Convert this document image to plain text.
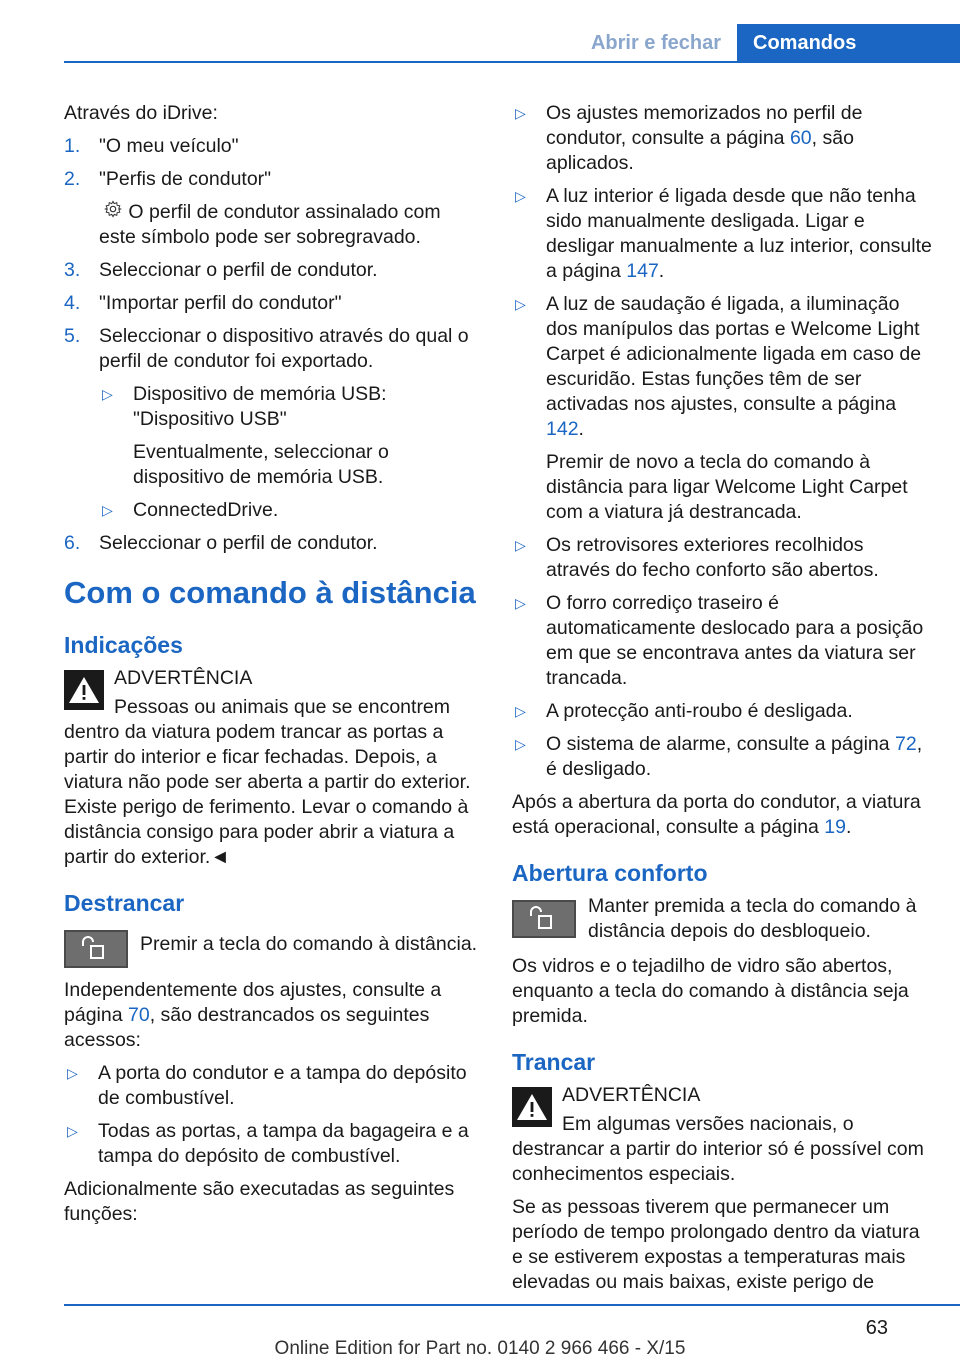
Abrir e fechar	Comandos

Através do iDrive:

1. "O meu veículo"
2. "Perfis de condutor"

O perfil de condutor assinalado com este símbolo pode ser sobregravado.

3. Seleccionar o perfil de condutor.
4. "Importar perfil do condutor"
5. Seleccionar o dispositivo através do qual o perfil de condutor foi exportado.
▷	Dispositivo de memória USB: "Dispositivo USB"

Eventualmente, seleccionar o dispositivo de memória USB.

▷	ConnectedDrive.
6. Seleccionar o perfil de condutor.
Com o comando à distância
Indicações

ADVERTÊNCIA

Pessoas ou animais que se encontrem dentro da viatura podem trancar as portas a partir do interior e ficar fechadas. Depois, a viatura não pode ser aberta a partir do exterior. Existe perigo de ferimento. Levar o comando à distância consigo para poder abrir a viatura a partir do exterior.◄

Destrancar
Premir a tecla do comando à distância.

Independentemente dos ajustes, consulte a página 70, são destrancados os seguintes acessos:

▷	A porta do condutor e a tampa do depósito de combustível.
▷	Todas as portas, a tampa da bagageira e a tampa do depósito de combustível.

Adicionalmente são executadas as seguintes funções:

▷	Os ajustes memorizados no perfil de condutor, consulte a página 60, são aplicados.
▷	A luz interior é ligada desde que não tenha sido manualmente desligada. Ligar e desligar manualmente a luz interior, consulte a página 147.
▷	A luz de saudação é ligada, a iluminação dos manípulos das portas e Welcome Light Carpet é adicionalmente ligada em caso de escuridão. Estas funções têm de ser activadas nos ajustes, consulte a página 142.

Premir de novo a tecla do comando à distância para ligar Welcome Light Carpet com a viatura já destrancada.

▷	Os retrovisores exteriores recolhidos através do fecho conforto são abertos.
▷	O forro corrediço traseiro é automaticamente deslocado para a posição em que se encontrava antes da viatura ser trancada.
▷	A protecção anti-roubo é desligada.
▷	O sistema de alarme, consulte a página 72, é desligado.

Após a abertura da porta do condutor, a viatura está operacional, consulte a página 19.

Abertura conforto
Manter premida a tecla do comando à distância depois do desbloqueio.

Os vidros e o tejadilho de vidro são abertos, enquanto a tecla do comando à distância seja premida.

Trancar

ADVERTÊNCIA

Em algumas versões nacionais, o destrancar a partir do interior só é possível com conhecimentos especiais.

Se as pessoas tiverem que permanecer um período de tempo prolongado dentro da viatura e se estiverem expostas a temperaturas mais elevadas ou mais baixas, existe perigo de

63
Online Edition for Part no. 0140 2 966 466 - X/15
